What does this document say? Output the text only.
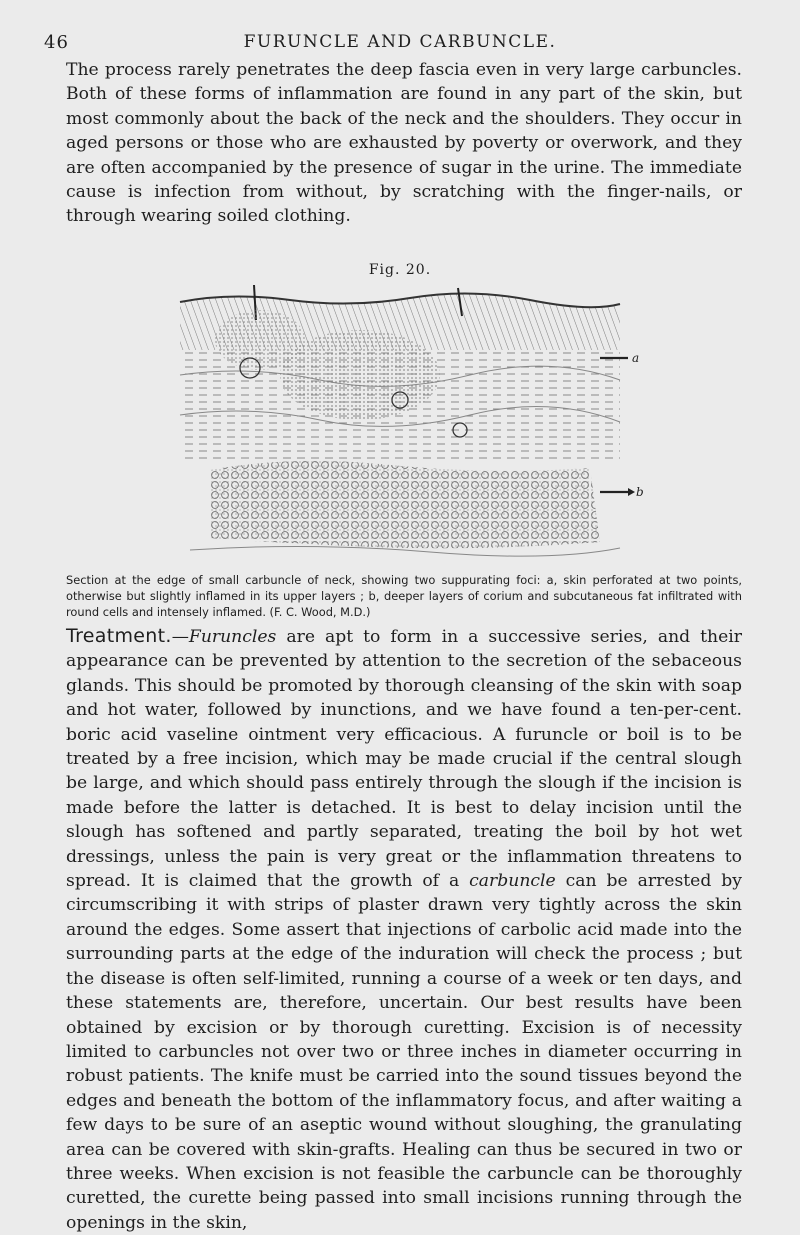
46	FURUNCLE AND CARBUNCLE.

The process rarely penetrates the deep fascia even in very large carbuncles. Both of these forms of inflammation are found in any part of the skin, but most commonly about the back of the neck and the shoulders. They occur in aged persons or those who are exhausted by poverty or overwork, and they are often accompanied by the presence of sugar in the urine. The immediate cause is infection from without, by scratching with the finger-nails, or through wearing soiled clothing.

Fig. 20.
a
b

Section at the edge of small carbuncle of neck, showing two suppurating foci: a, skin perforated at two points, otherwise but slightly inflamed in its upper layers ; b, deeper layers of corium and subcutaneous fat infiltrated with round cells and intensely inflamed. (F. C. Wood, M.D.)

Treatment.—Furuncles are apt to form in a successive series, and their appearance can be prevented by attention to the secretion of the sebaceous glands. This should be promoted by thorough cleansing of the skin with soap and hot water, followed by inunctions, and we have found a ten-per-cent. boric acid vaseline ointment very efficacious. A furuncle or boil is to be treated by a free incision, which may be made crucial if the central slough be large, and which should pass entirely through the slough if the incision is made before the latter is detached. It is best to delay incision until the slough has softened and partly separated, treating the boil by hot wet dressings, unless the pain is very great or the inflammation threatens to spread. It is claimed that the growth of a carbuncle can be arrested by circumscribing it with strips of plaster drawn very tightly across the skin around the edges. Some assert that injections of carbolic acid made into the surrounding parts at the edge of the induration will check the process ; but the disease is often self-limited, running a course of a week or ten days, and these statements are, therefore, uncertain. Our best results have been obtained by excision or by thorough curetting. Excision is of necessity limited to carbuncles not over two or three inches in diameter occurring in robust patients. The knife must be carried into the sound tissues beyond the edges and beneath the bottom of the inflammatory focus, and after waiting a few days to be sure of an aseptic wound without sloughing, the granulating area can be covered with skin-grafts. Healing can thus be secured in two or three weeks. When excision is not feasible the carbuncle can be thoroughly curetted, the curette being passed into small incisions running through the openings in the skin,
